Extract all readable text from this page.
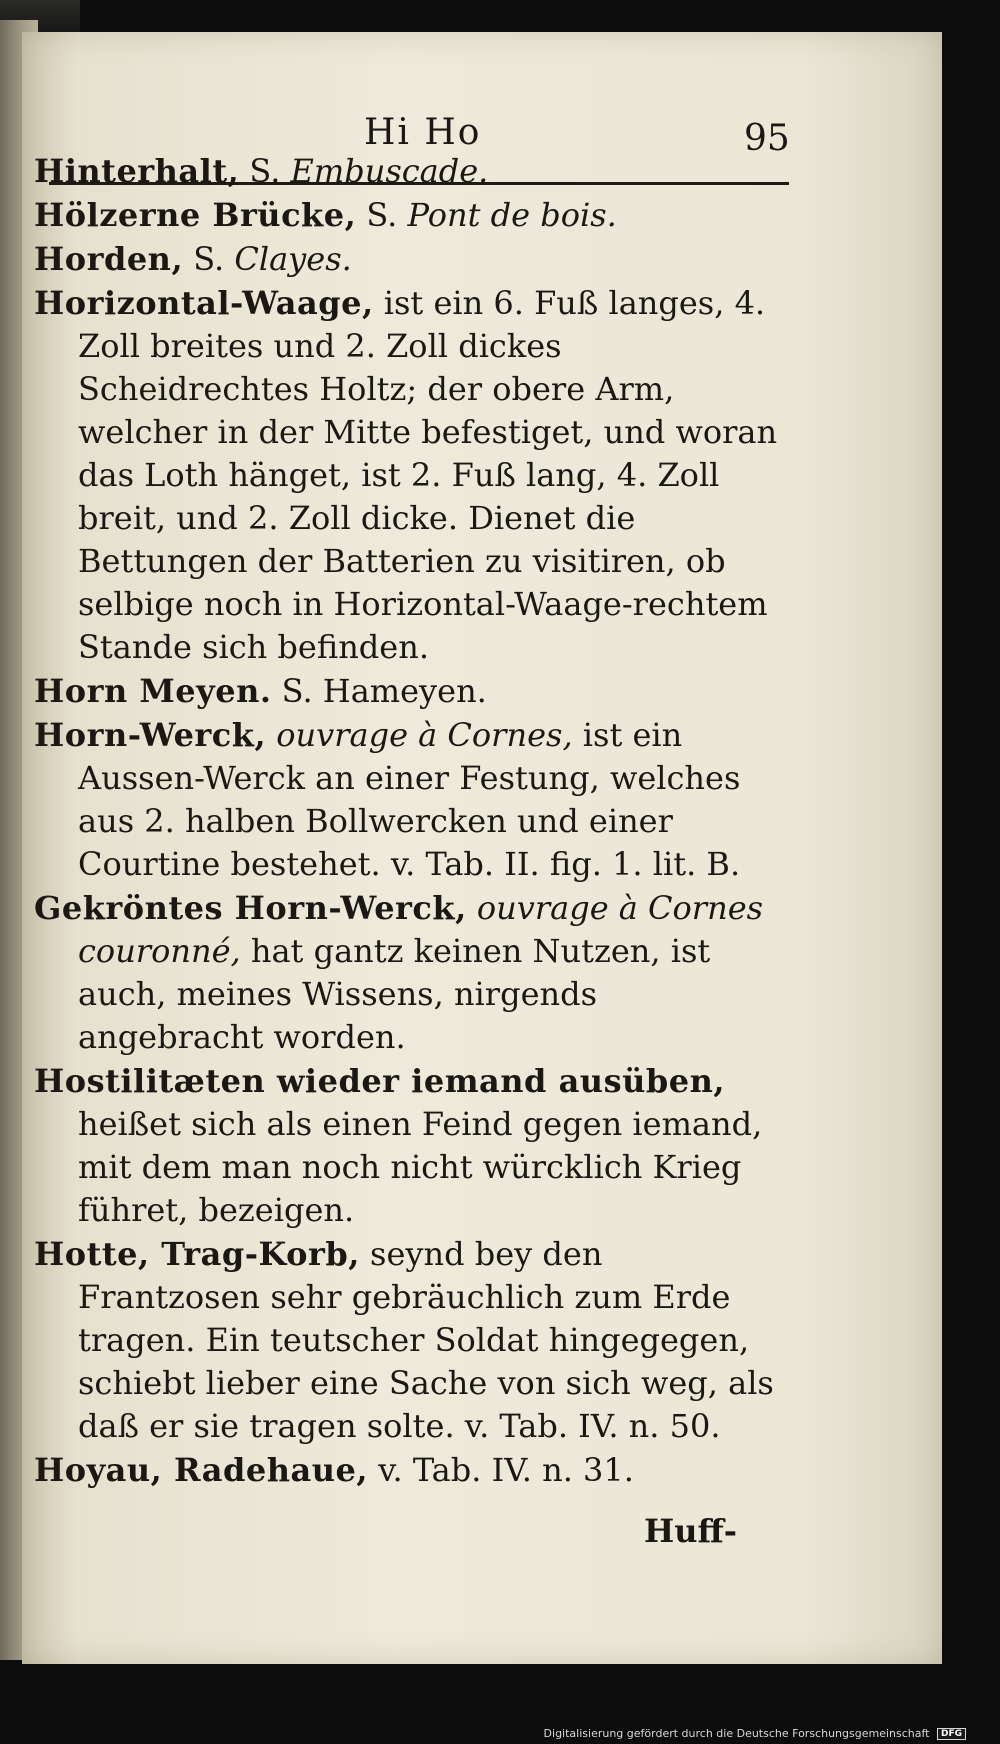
Hi Ho	95

Hinterhalt, S. Embuscade.

Hölzerne Brücke, S. Pont de bois.

Horden, S. Clayes.

Horizontal-Waage, ist ein 6. Fuß langes, 4. Zoll breites und 2. Zoll dickes Scheidrechtes Holtz; der obere Arm, welcher in der Mitte befestiget, und woran das Loth hänget, ist 2. Fuß lang, 4. Zoll breit, und 2. Zoll dicke. Dienet die Bettungen der Batterien zu visitiren, ob selbige noch in Horizontal-Waage-rechtem Stande sich befinden.

Horn Meyen. S. Hameyen.

Horn-Werck, ouvrage à Cornes, ist ein Aussen-Werck an einer Festung, welches aus 2. halben Bollwercken und einer Courtine bestehet. v. Tab. II. fig. 1. lit. B.

Gekröntes Horn-Werck, ouvrage à Cornes couronné, hat gantz keinen Nutzen, ist auch, meines Wissens, nirgends angebracht worden.

Hostilitæten wieder iemand ausüben, heißet sich als einen Feind gegen iemand, mit dem man noch nicht würcklich Krieg führet, bezeigen.

Hotte, Trag-Korb, seynd bey den Frantzosen sehr gebräuchlich zum Erde tragen. Ein teutscher Soldat hingegegen, schiebt lieber eine Sache von sich weg, als daß er sie tragen solte. v. Tab. IV. n. 50.

Hoyau, Radehaue, v. Tab. IV. n. 31.

Huff-
Digitalisierung gefördert durch die Deutsche Forschungsgemeinschaft DFG
